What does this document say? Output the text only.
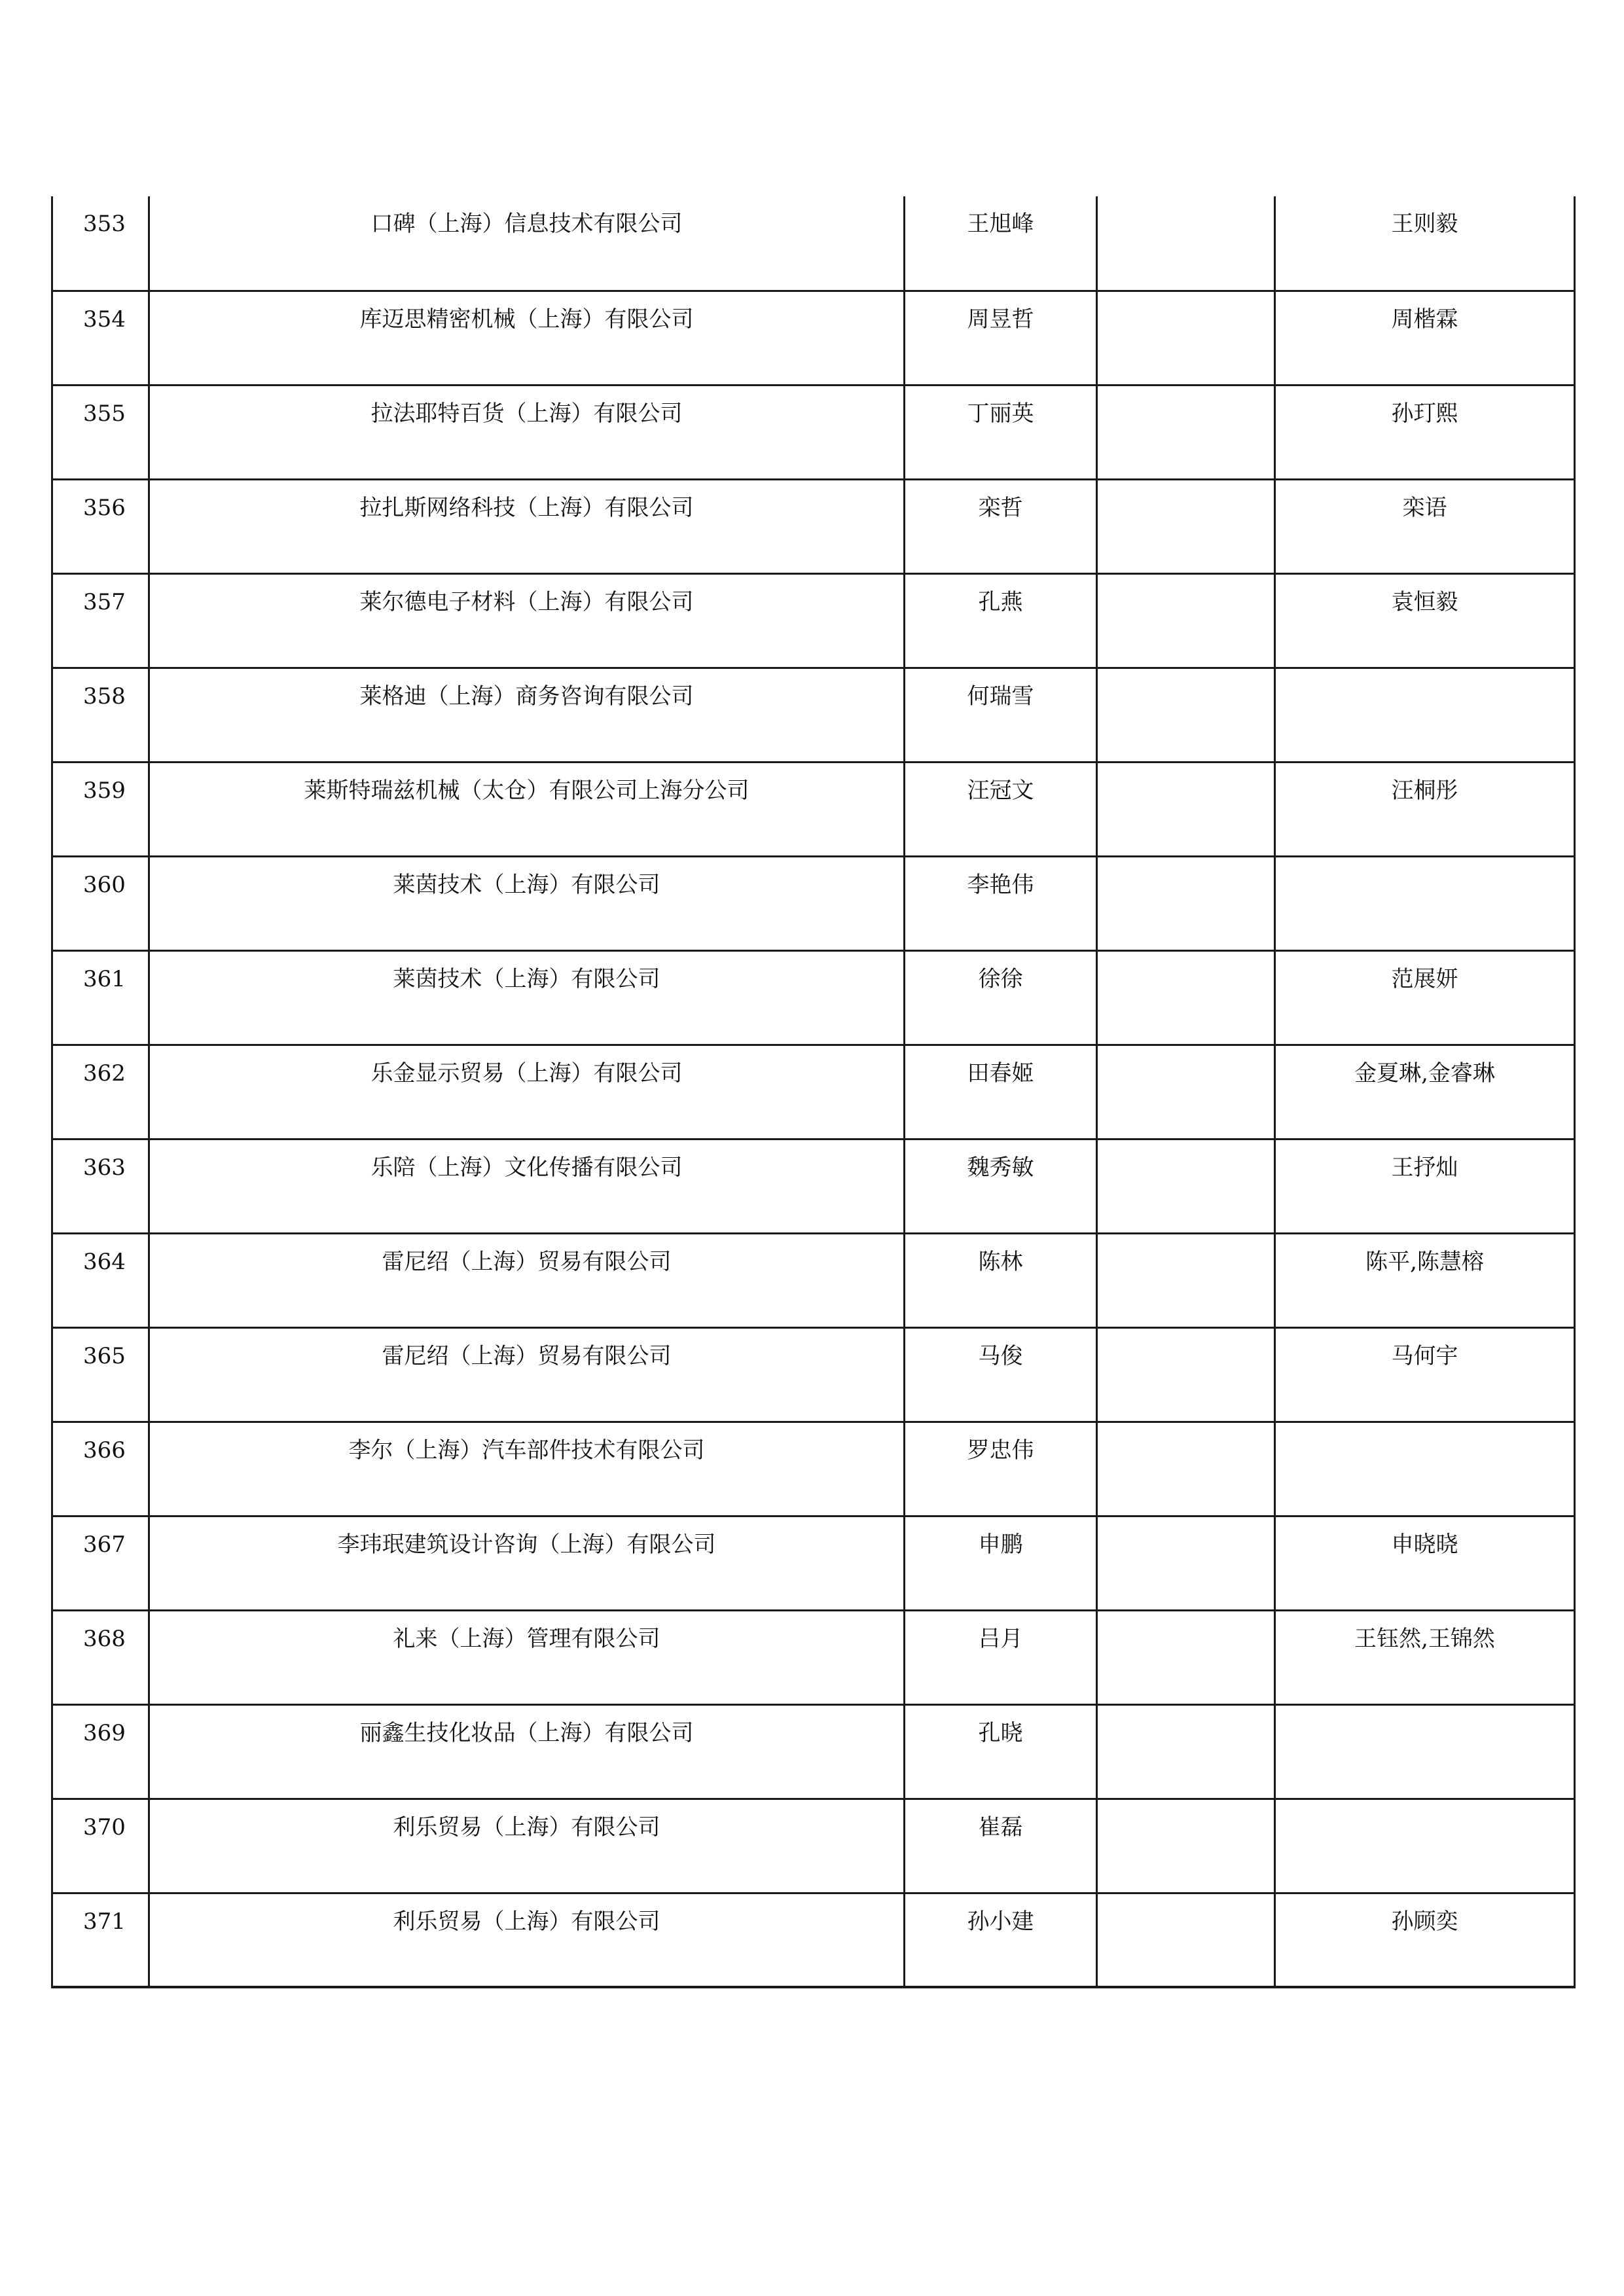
353	口碑（上海）信息技术有限公司	王旭峰		王则毅
354	库迈思精密机械（上海）有限公司	周昱哲		周楷霖
355	拉法耶特百货（上海）有限公司	丁丽英		孙玎熙
356	拉扎斯网络科技（上海）有限公司	栾哲		栾语
357	莱尔德电子材料（上海）有限公司	孔燕		袁恒毅
358	莱格迪（上海）商务咨询有限公司	何瑞雪		
359	莱斯特瑞兹机械（太仓）有限公司上海分公司	汪冠文		汪桐彤
360	莱茵技术（上海）有限公司	李艳伟		
361	莱茵技术（上海）有限公司	徐徐		范展妍
362	乐金显示贸易（上海）有限公司	田春姬		金夏琳,金睿琳
363	乐陪（上海）文化传播有限公司	魏秀敏		王抒灿
364	雷尼绍（上海）贸易有限公司	陈林		陈平,陈慧榕
365	雷尼绍（上海）贸易有限公司	马俊		马何宇
366	李尔（上海）汽车部件技术有限公司	罗忠伟		
367	李玮珉建筑设计咨询（上海）有限公司	申鹏		申晓晓
368	礼来（上海）管理有限公司	吕月		王钰然,王锦然
369	丽鑫生技化妆品（上海）有限公司	孔晓		
370	利乐贸易（上海）有限公司	崔磊		
371	利乐贸易（上海）有限公司	孙小建		孙顾奕
